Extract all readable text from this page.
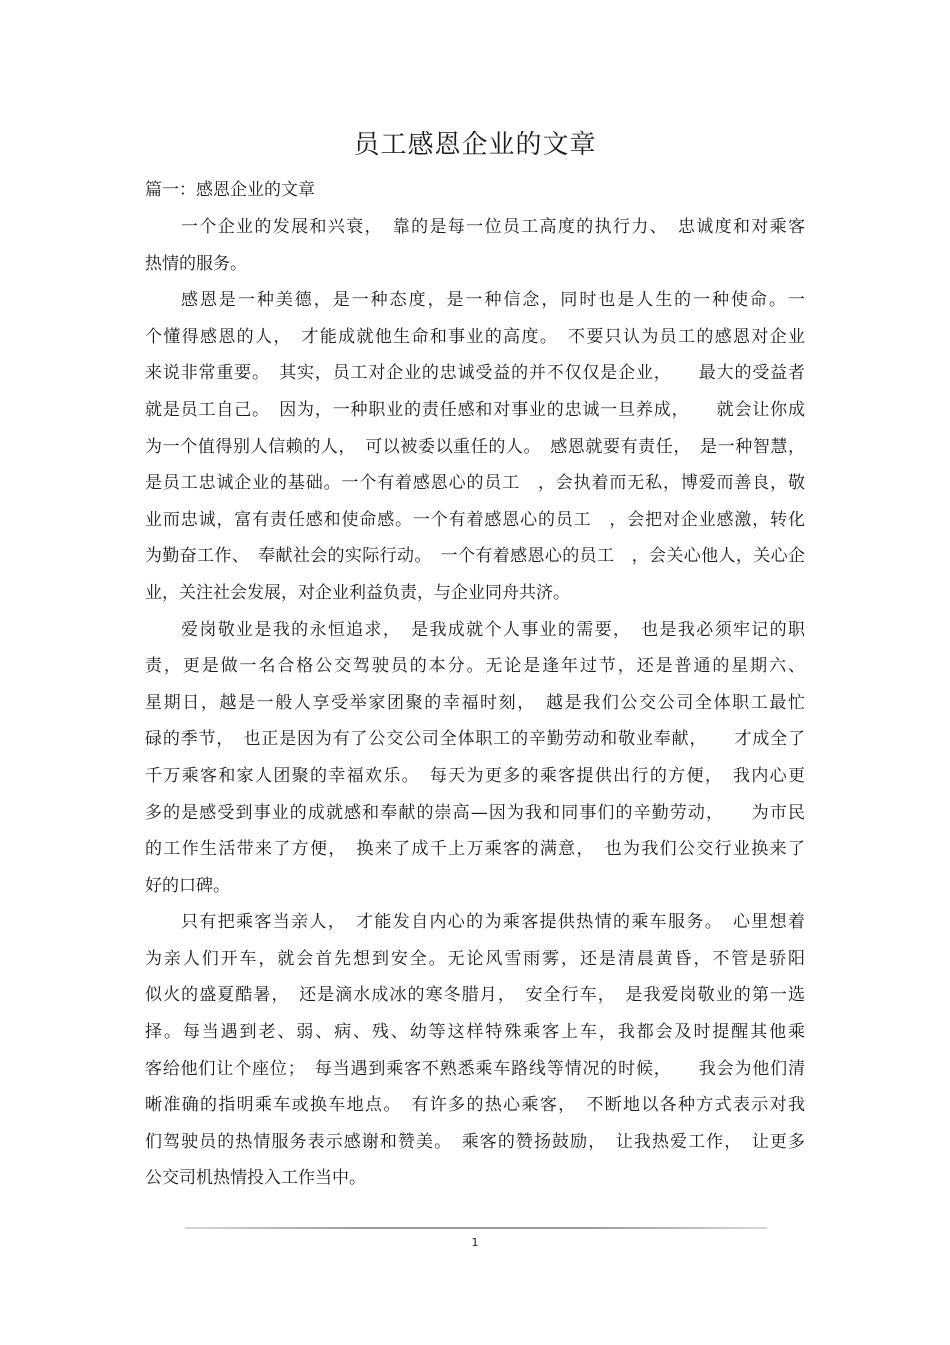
员工感恩企业的文章
篇一：感恩企业的文章
一个企业的发展和兴衰，　靠的是每一位员工高度的执行力、　忠诚度和对乘客
热情的服务。
感恩是一种美德，是一种态度，是一种信念，同时也是人生的一种使命。一
个懂得感恩的人，　才能成就他生命和事业的高度。　不要只认为员工的感恩对企业
来说非常重要。　其实，员工对企业的忠诚受益的并不仅仅是企业，　　最大的受益者
就是员工自己。　因为，一种职业的责任感和对事业的忠诚一旦养成，　　就会让你成
为一个值得别人信赖的人，　可以被委以重任的人。　感恩就要有责任，　是一种智慧，
是员工忠诚企业的基础。一个有着感恩心的员工　，会执着而无私，博爱而善良，敬
业而忠诚，富有责任感和使命感。一个有着感恩心的员工　，会把对企业感激，转化
为勤奋工作、　奉献社会的实际行动。　一个有着感恩心的员工　，会关心他人，关心企
业，关注社会发展，对企业利益负责，与企业同舟共济。
爱岗敬业是我的永恒追求，　是我成就个人事业的需要，　也是我必须牢记的职
责，更是做一名合格公交驾驶员的本分。无论是逢年过节，还是普通的星期六、
星期日，越是一般人享受举家团聚的幸福时刻，　越是我们公交公司全体职工最忙
碌的季节，　也正是因为有了公交公司全体职工的辛勤劳动和敬业奉献，　　才成全了
千万乘客和家人团聚的幸福欢乐。　每天为更多的乘客提供出行的方便，　我内心更
多的是感受到事业的成就感和奉献的崇高—因为我和同事们的辛勤劳动，　　为市民
的工作生活带来了方便，　换来了成千上万乘客的满意，　也为我们公交行业换来了
好的口碑。
只有把乘客当亲人，　才能发自内心的为乘客提供热情的乘车服务。　心里想着
为亲人们开车，就会首先想到安全。无论风雪雨雾，还是清晨黄昏，不管是骄阳
似火的盛夏酷暑，　还是滴水成冰的寒冬腊月，　安全行车，　是我爱岗敬业的第一选
择。每当遇到老、弱、病、残、幼等这样特殊乘客上车，我都会及时提醒其他乘
客给他们让个座位；　每当遇到乘客不熟悉乘车路线等情况的时候，　　我会为他们清
晰准确的指明乘车或换车地点。　有许多的热心乘客，　不断地以各种方式表示对我
们驾驶员的热情服务表示感谢和赞美。　乘客的赞扬鼓励，　让我热爱工作，　让更多
公交司机热情投入工作当中。
1
